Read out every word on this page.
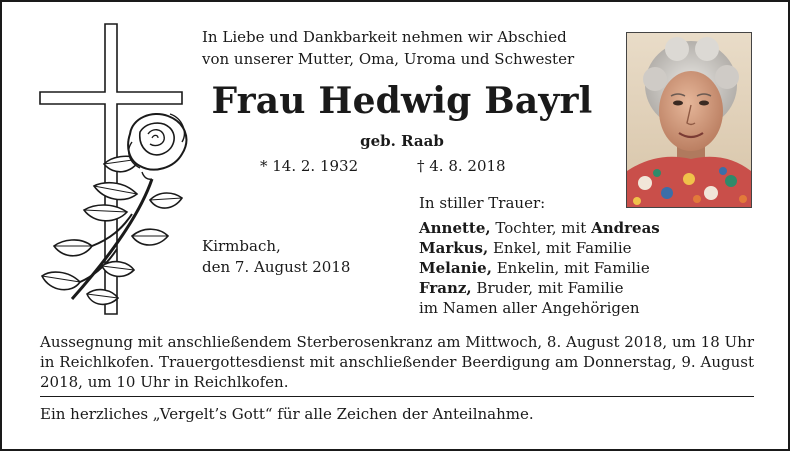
In Liebe und Dankbarkeit nehmen wir Abschied
von unserer Mutter, Oma, Uroma und Schwester
Frau Hedwig Bayrl
geb. Raab
* 14. 2. 1932	† 4. 8. 2018
In stiller Trauer:
Annette, Tochter, mit Andreas
Markus, Enkel, mit Familie
Melanie, Enkelin, mit Familie
Franz, Bruder, mit Familie
im Namen aller Angehörigen
Kirmbach,
den 7. August 2018
Aussegnung mit anschließendem Sterberosenkranz am Mittwoch, 8. August 2018, um 18 Uhr in Reichlkofen. Trauergottesdienst mit anschließender Beerdigung am Donnerstag, 9. August 2018, um 10 Uhr in Reichlkofen.
Ein herzliches „Vergelt’s Gott“ für alle Zeichen der Anteilnahme.
